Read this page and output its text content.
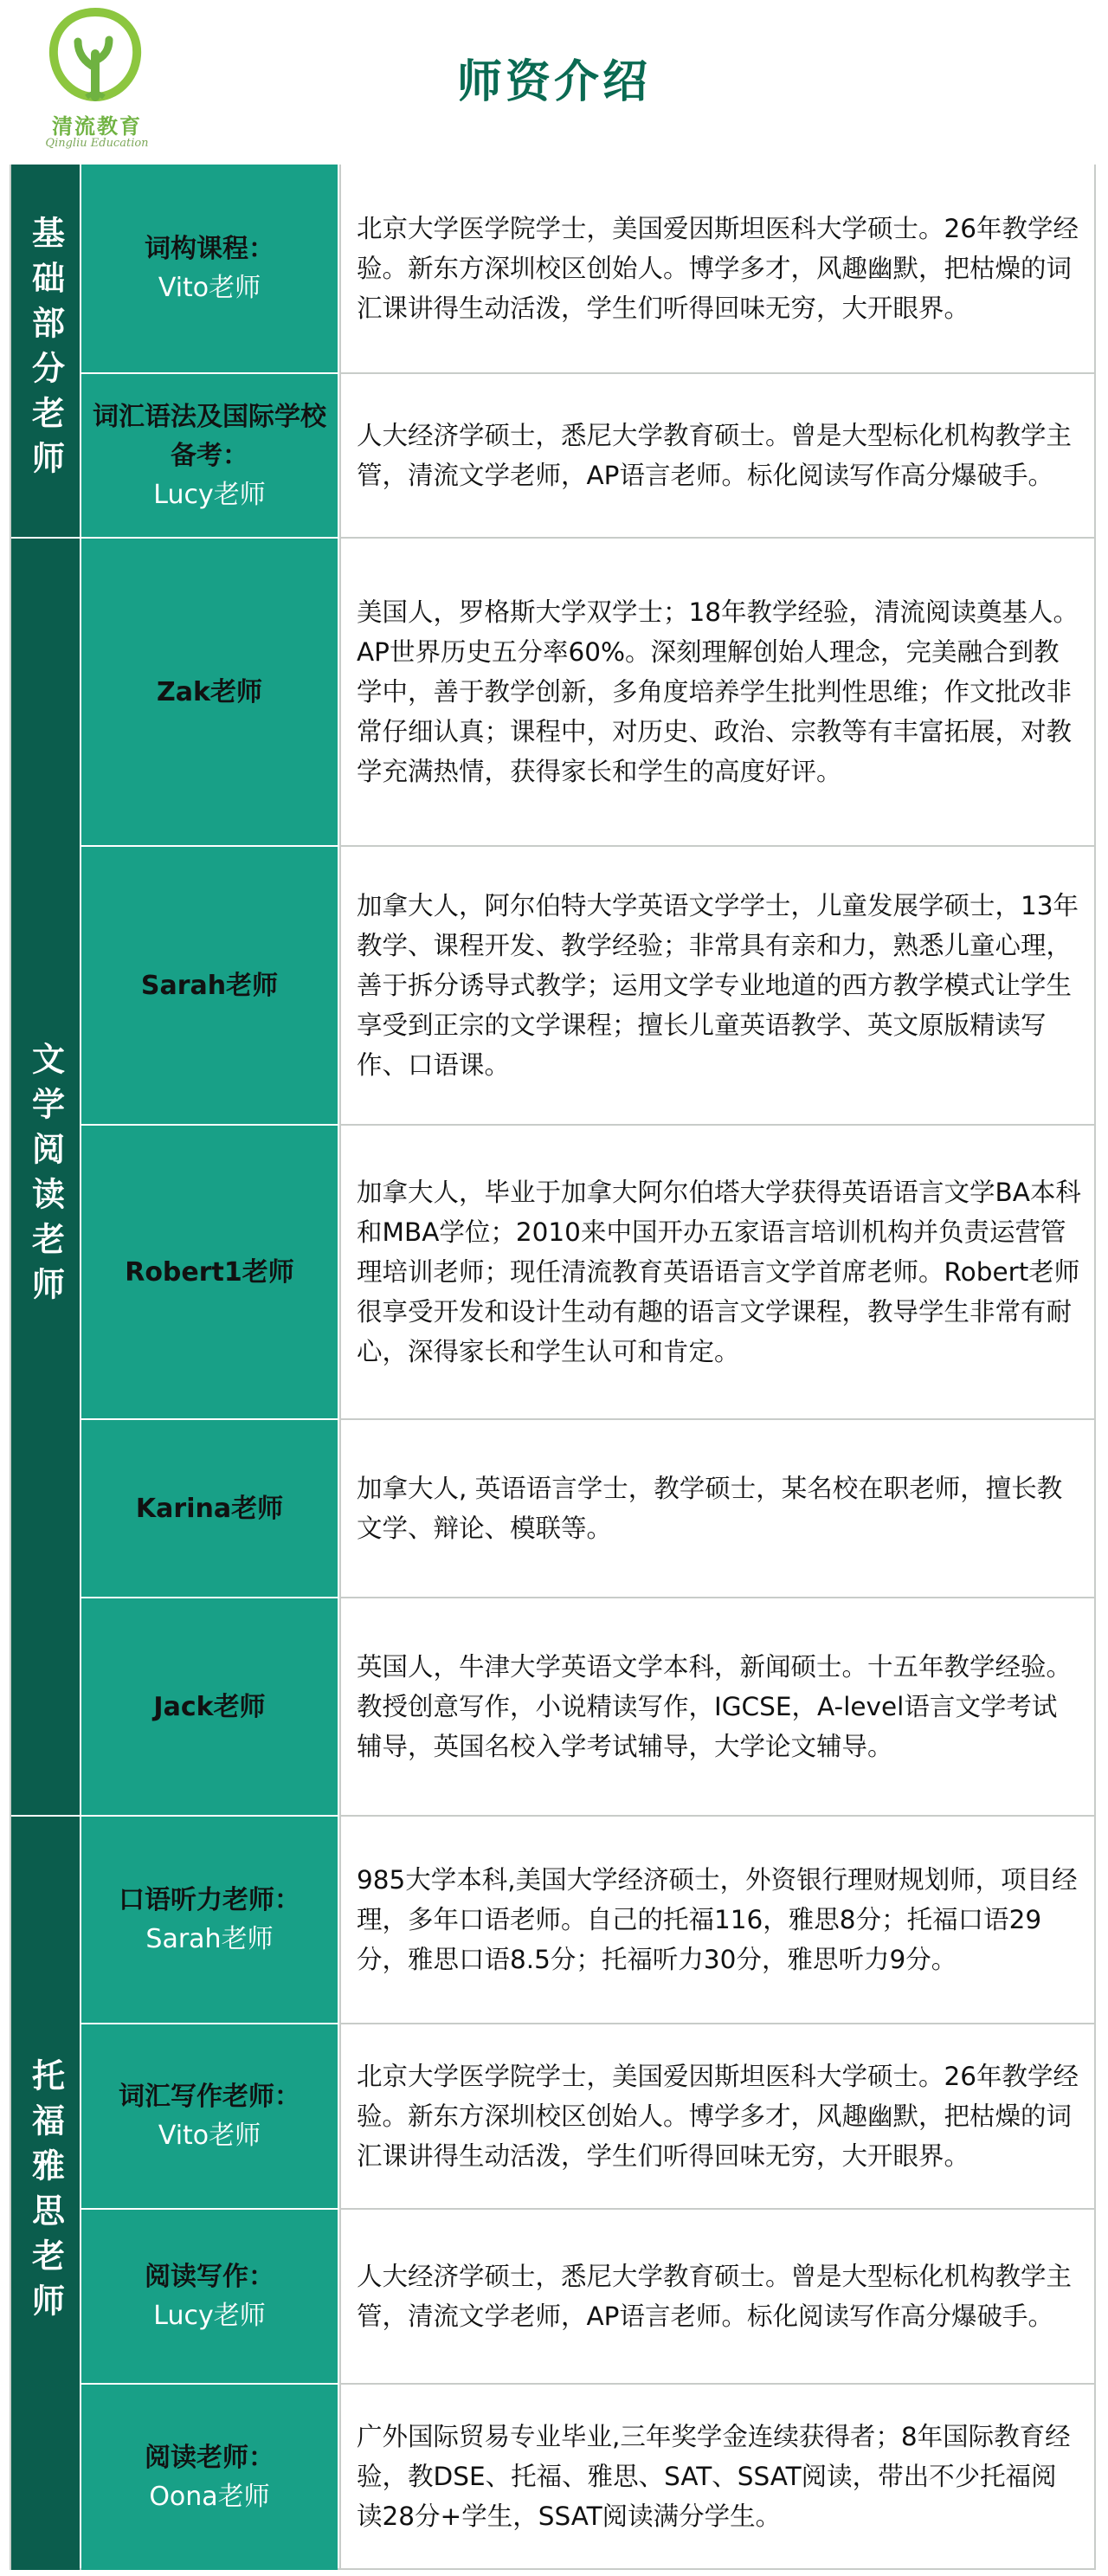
清流教育
Qingliu Education
师资介绍
基础部分老师
文学阅读老师
托福雅思老师
词构课程：
Vito老师
北京大学医学院学士，美国爱因斯坦医科大学硕士。26年教学经验。新东方深圳校区创始人。博学多才，风趣幽默，把枯燥的词汇课讲得生动活泼，学生们听得回味无穷，大开眼界。
词汇语法及国际学校备考：
Lucy老师
人大经济学硕士，悉尼大学教育硕士。曾是大型标化机构教学主管，清流文学老师，AP语言老师。标化阅读写作高分爆破手。
Zak老师
美国人，罗格斯大学双学士；18年教学经验，清流阅读奠基人。AP世界历史五分率60%。深刻理解创始人理念，完美融合到教学中，善于教学创新，多角度培养学生批判性思维；作文批改非常仔细认真；课程中，对历史、政治、宗教等有丰富拓展，对教学充满热情，获得家长和学生的高度好评。
Sarah老师
加拿大人，阿尔伯特大学英语文学学士，儿童发展学硕士，13年教学、课程开发、教学经验；非常具有亲和力，熟悉儿童心理，善于拆分诱导式教学；运用文学专业地道的西方教学模式让学生享受到正宗的文学课程；擅长儿童英语教学、英文原版精读写作、口语课。
Robert1老师
加拿大人，毕业于加拿大阿尔伯塔大学获得英语语言文学BA本科和MBA学位；2010来中国开办五家语言培训机构并负责运营管理培训老师；现任清流教育英语语言文学首席老师。Robert老师很享受开发和设计生动有趣的语言文学课程，教导学生非常有耐心，深得家长和学生认可和肯定。
Karina老师
加拿大人, 英语语言学士，教学硕士，某名校在职老师，擅长教文学、辩论、模联等。
Jack老师
英国人，牛津大学英语文学本科，新闻硕士。十五年教学经验。教授创意写作，小说精读写作，IGCSE，A-level语言文学考试辅导，英国名校入学考试辅导，大学论文辅导。
口语听力老师：
Sarah老师
985大学本科,美国大学经济硕士，外资银行理财规划师，项目经理，多年口语老师。自己的托福116，雅思8分；托福口语29分，雅思口语8.5分；托福听力30分，雅思听力9分。
词汇写作老师：
Vito老师
北京大学医学院学士，美国爱因斯坦医科大学硕士。26年教学经验。新东方深圳校区创始人。博学多才，风趣幽默，把枯燥的词汇课讲得生动活泼，学生们听得回味无穷，大开眼界。
阅读写作：
Lucy老师
人大经济学硕士，悉尼大学教育硕士。曾是大型标化机构教学主管，清流文学老师，AP语言老师。标化阅读写作高分爆破手。
阅读老师：
Oona老师
广外国际贸易专业毕业,三年奖学金连续获得者；8年国际教育经验，教DSE、托福、雅思、SAT、SSAT阅读，带出不少托福阅读28分+学生，SSAT阅读满分学生。
